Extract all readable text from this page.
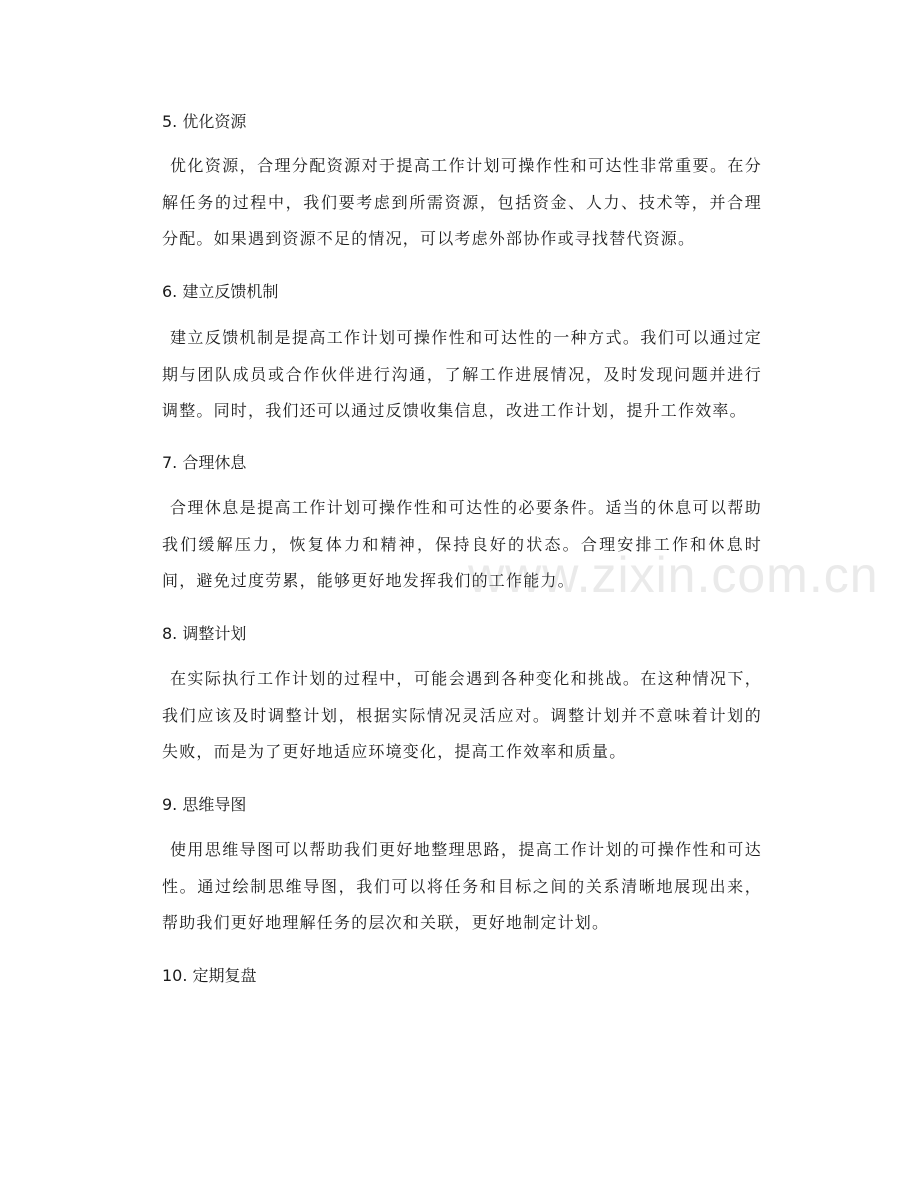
5. 优化资源

优化资源，合理分配资源对于提高工作计划可操作性和可达性非常重要。在分解任务的过程中，我们要考虑到所需资源，包括资金、人力、技术等，并合理分配。如果遇到资源不足的情况，可以考虑外部协作或寻找替代资源。

6. 建立反馈机制

建立反馈机制是提高工作计划可操作性和可达性的一种方式。我们可以通过定期与团队成员或合作伙伴进行沟通，了解工作进展情况，及时发现问题并进行调整。同时，我们还可以通过反馈收集信息，改进工作计划，提升工作效率。

7. 合理休息

合理休息是提高工作计划可操作性和可达性的必要条件。适当的休息可以帮助我们缓解压力，恢复体力和精神，保持良好的状态。合理安排工作和休息时间，避免过度劳累，能够更好地发挥我们的工作能力。

8. 调整计划

在实际执行工作计划的过程中，可能会遇到各种变化和挑战。在这种情况下，我们应该及时调整计划，根据实际情况灵活应对。调整计划并不意味着计划的失败，而是为了更好地适应环境变化，提高工作效率和质量。

9. 思维导图

使用思维导图可以帮助我们更好地整理思路，提高工作计划的可操作性和可达性。通过绘制思维导图，我们可以将任务和目标之间的关系清晰地展现出来，帮助我们更好地理解任务的层次和关联，更好地制定计划。

10. 定期复盘
www.zixin.com.cn
